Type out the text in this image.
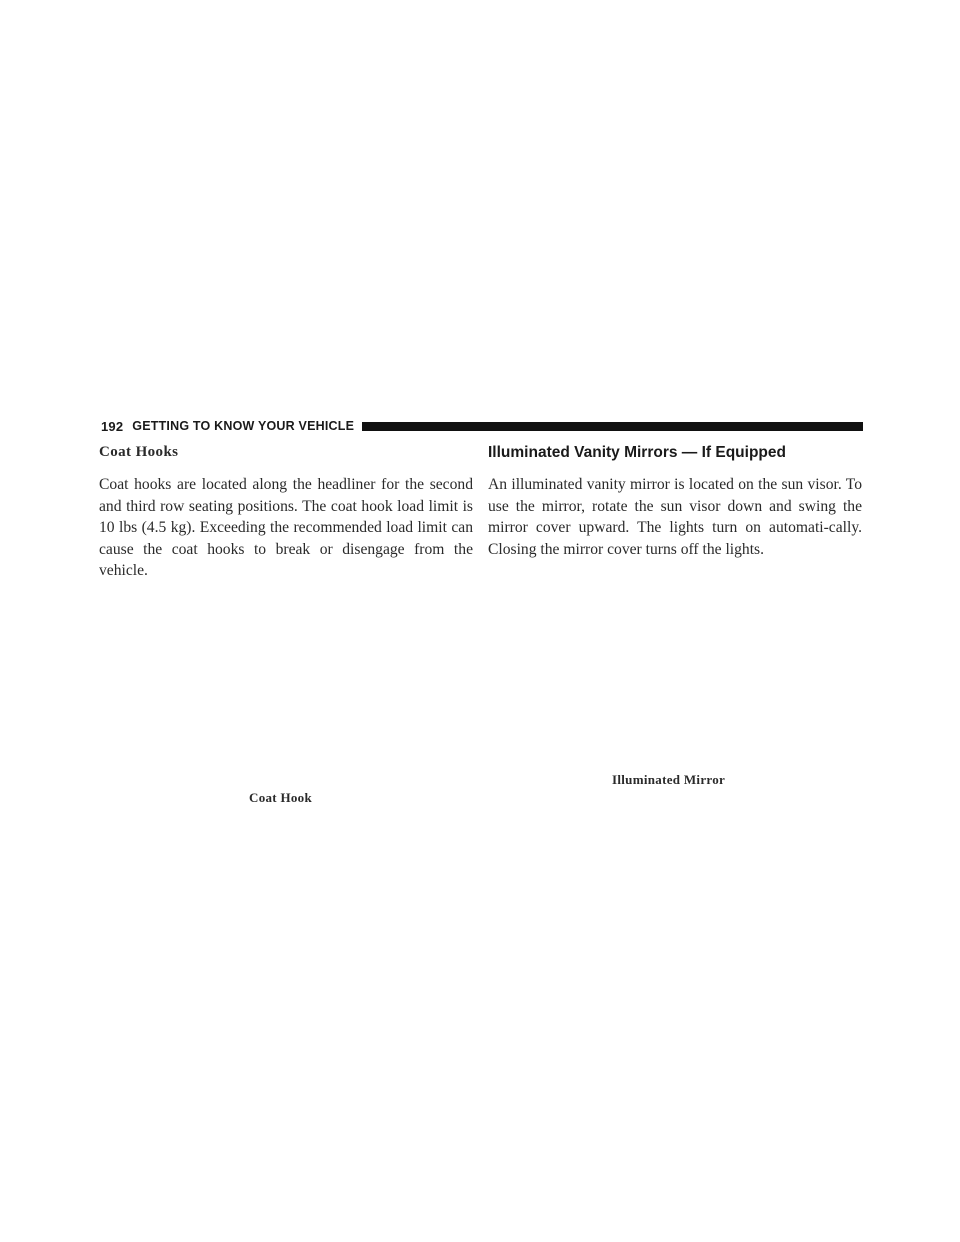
192 GETTING TO KNOW YOUR VEHICLE
Coat Hooks

Coat hooks are located along the headliner for the second and third row seating positions. The coat hook load limit is 10 lbs (4.5 kg). Exceeding the recommended load limit can cause the coat hooks to break or disengage from the vehicle.

Illuminated Vanity Mirrors — If Equipped

An illuminated vanity mirror is located on the sun visor. To use the mirror, rotate the sun visor down and swing the mirror cover upward. The lights turn on automati-cally. Closing the mirror cover turns off the lights.

Illuminated Mirror
Coat Hook
